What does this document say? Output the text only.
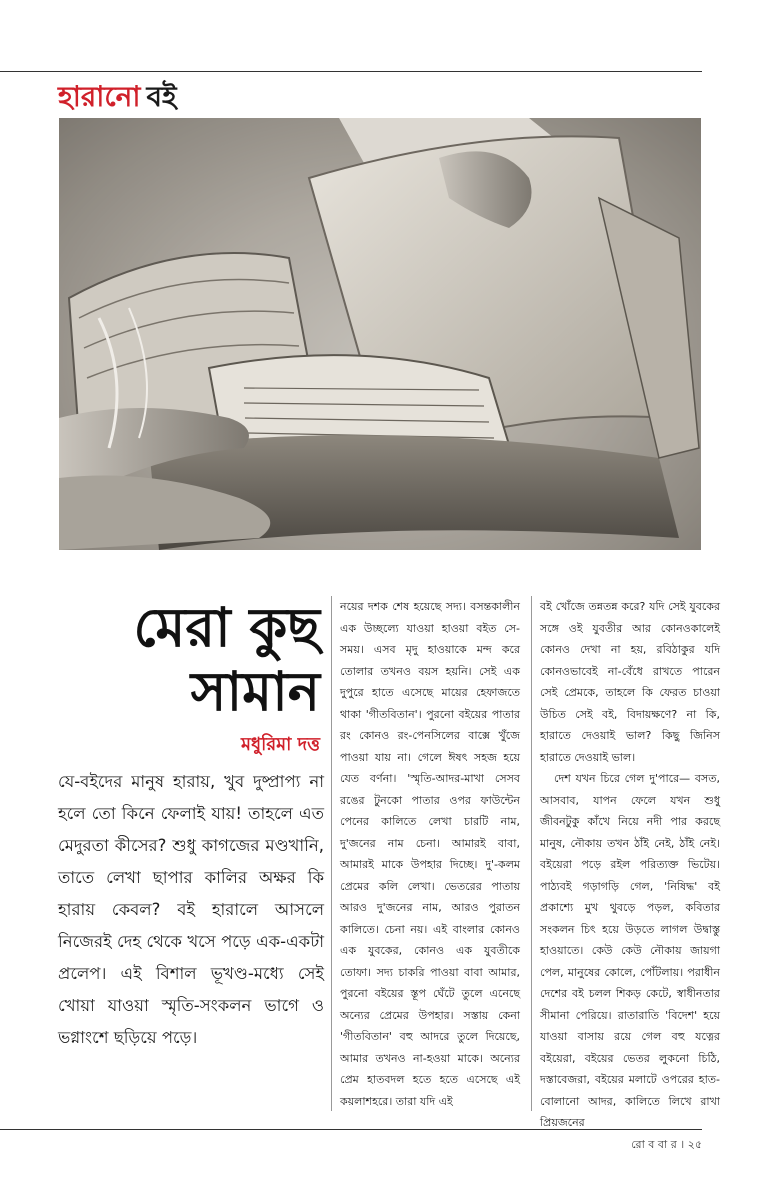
হারানো বই
মেরা কুছ
সামান
মধুরিমা দত্ত
যে-বইদের মানুষ হারায়, খুব দুষ্প্রাপ্য না হলে তো কিনে ফেলাই যায়! তাহলে এত মেদুরতা কীসের? শুধু কাগজের মণ্ডখানি, তাতে লেখা ছাপার কালির অক্ষর কি হারায় কেবল? বই হারালে আসলে নিজেরই দেহ থেকে খসে পড়ে এক-একটা প্রলেপ। এই বিশাল ভূখণ্ড-মধ্যে সেই খোয়া যাওয়া স্মৃতি-সংকলন ভাগে ও ভগ্নাংশে ছড়িয়ে পড়ে।

নয়ের দশক শেষ হয়েছে সদ্য। বসন্তকালীন এক উচ্ছল্যে যাওয়া হাওয়া বইত সে-সময়। এসব মৃদু হাওয়াকে মন্দ করে তোলার তখনও বয়স হয়নি। সেই এক দুপুরে হাতে এসেছে মায়ের হেফাজতে থাকা 'গীতবিতান'। পুরনো বইয়ের পাতার রং কোনও রং-পেনসিলের বাক্সে খুঁজে পাওয়া যায় না। গেলে ঈষৎ সহজ হয়ে যেত বর্ণনা। 'স্মৃতি-আদর-মাখা সেসব রঙের টুনকো পাতার ওপর ফাউন্টেন পেনের কালিতে লেখা চারটি নাম, দু'জনের নাম চেনা। আমারই বাবা, আমারই মাকে উপহার দিচ্ছে। দু'-কলম প্রেমের কলি লেখা। ভেতরের পাতায় আরও দু'জনের নাম, আরও পুরাতন কালিতে। চেনা নয়। এই বাংলার কোনও এক যুবকের, কোনও এক যুবতীকে তোফা। সদ্য চাকরি পাওয়া বাবা আমার, পুরনো বইয়ের স্তূপ ঘেঁটে তুলে এনেছে অন্যের প্রেমের উপহার। সস্তায় কেনা 'গীতবিতান' বহু আদরে তুলে দিয়েছে, আমার তখনও না-হওয়া মাকে। অন্যের প্রেম হাতবদল হতে হতে এসেছে এই কয়লাশহরে। তারা যদি এই

বই খোঁজে তন্নতন্ন করে? যদি সেই যুবকের সঙ্গে ওই যুবতীর আর কোনওকালেই কোনও দেখা না হয়, রবিঠাকুর যদি কোনওভাবেই না-বেঁধে রাখতে পারেন সেই প্রেমকে, তাহলে কি ফেরত চাওয়া উচিত সেই বই, বিদায়ক্ষণে? না কি, হারাতে দেওয়াই ভাল? কিছু জিনিস হারাতে দেওয়াই ভাল।

দেশ যখন চিরে গেল দু'পারে— বসত, আসবাব, যাপন ফেলে যখন শুধু জীবনটুকু কাঁখে নিয়ে নদী পার করছে মানুষ, নৌকায় তখন ঠাঁই নেই, ঠাঁই নেই। বইয়েরা পড়ে রইল পরিত্যক্ত ভিটেয়। পাঠ্যবই গড়াগড়ি গেল, 'নিষিদ্ধ' বই প্রকাশ্যে মুখ থুবড়ে পড়ল, কবিতার সংকলন চিৎ হয়ে উড়তে লাগল উদ্বাস্তু হাওয়াতে। কেউ কেউ নৌকায় জায়গা পেল, মানুষের কোলে, পোঁটলায়। পরাধীন দেশের বই চলল শিকড় কেটে, স্বাধীনতার সীমানা পেরিয়ে। রাতারাতি 'বিদেশ' হয়ে যাওয়া বাসায় রয়ে গেল বহু যত্নের বইয়েরা, বইয়ের ভেতর লুকনো চিঠি, দস্তাবেজরা, বইয়ের মলাটে ওপরের হাত-বোলানো আদর, কালিতে লিখে রাখা প্রিয়জনের

রো ব বা র । ২৫
